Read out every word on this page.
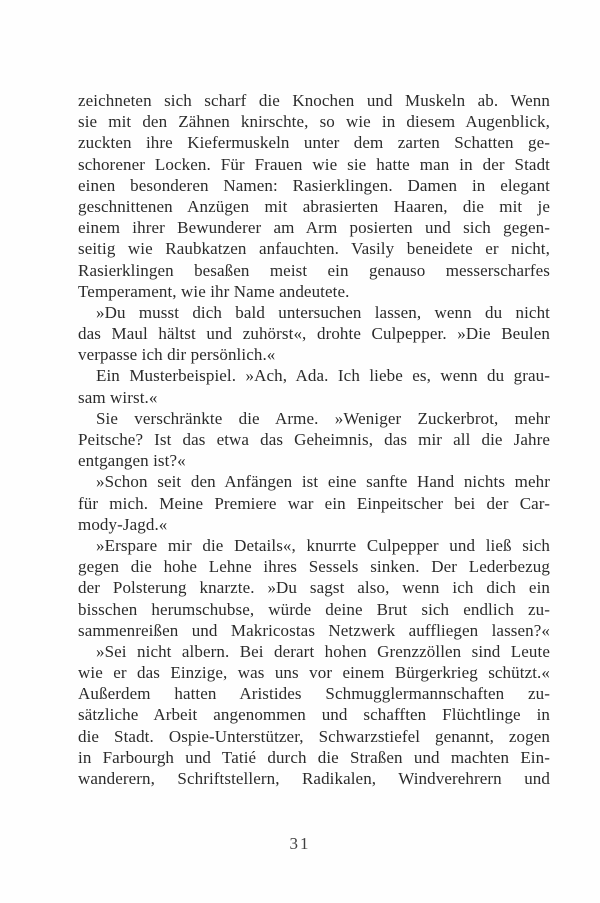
zeichneten sich scharf die Knochen und Muskeln ab. Wenn
sie mit den Zähnen knirschte, so wie in diesem Augenblick,
zuckten ihre Kiefermuskeln unter dem zarten Schatten ge-
schorener Locken. Für Frauen wie sie hatte man in der Stadt
einen besonderen Namen: Rasierklingen. Damen in elegant
geschnittenen Anzügen mit abrasierten Haaren, die mit je
einem ihrer Bewunderer am Arm posierten und sich gegen-
seitig wie Raubkatzen anfauchten. Vasily beneidete er nicht,
Rasierklingen besaßen meist ein genauso messerscharfes
Temperament, wie ihr Name andeutete.
»Du musst dich bald untersuchen lassen, wenn du nicht
das Maul hältst und zuhörst«, drohte Culpepper. »Die Beulen
verpasse ich dir persönlich.«
Ein Musterbeispiel. »Ach, Ada. Ich liebe es, wenn du grau-
sam wirst.«
Sie verschränkte die Arme. »Weniger Zuckerbrot, mehr
Peitsche? Ist das etwa das Geheimnis, das mir all die Jahre
entgangen ist?«
»Schon seit den Anfängen ist eine sanfte Hand nichts mehr
für mich. Meine Premiere war ein Einpeitscher bei der Car-
mody-Jagd.«
»Erspare mir die Details«, knurrte Culpepper und ließ sich
gegen die hohe Lehne ihres Sessels sinken. Der Lederbezug
der Polsterung knarzte. »Du sagst also, wenn ich dich ein
bisschen herumschubse, würde deine Brut sich endlich zu-
sammenreißen und Makricostas Netzwerk auffliegen lassen?«
»Sei nicht albern. Bei derart hohen Grenzzöllen sind Leute
wie er das Einzige, was uns vor einem Bürgerkrieg schützt.«
Außerdem hatten Aristides Schmugglermannschaften zu-
sätzliche Arbeit angenommen und schafften Flüchtlinge in
die Stadt. Ospie-Unterstützer, Schwarzstiefel genannt, zogen
in Farbourgh und Tatié durch die Straßen und machten Ein-
wanderern, Schriftstellern, Radikalen, Windverehrern und
31
